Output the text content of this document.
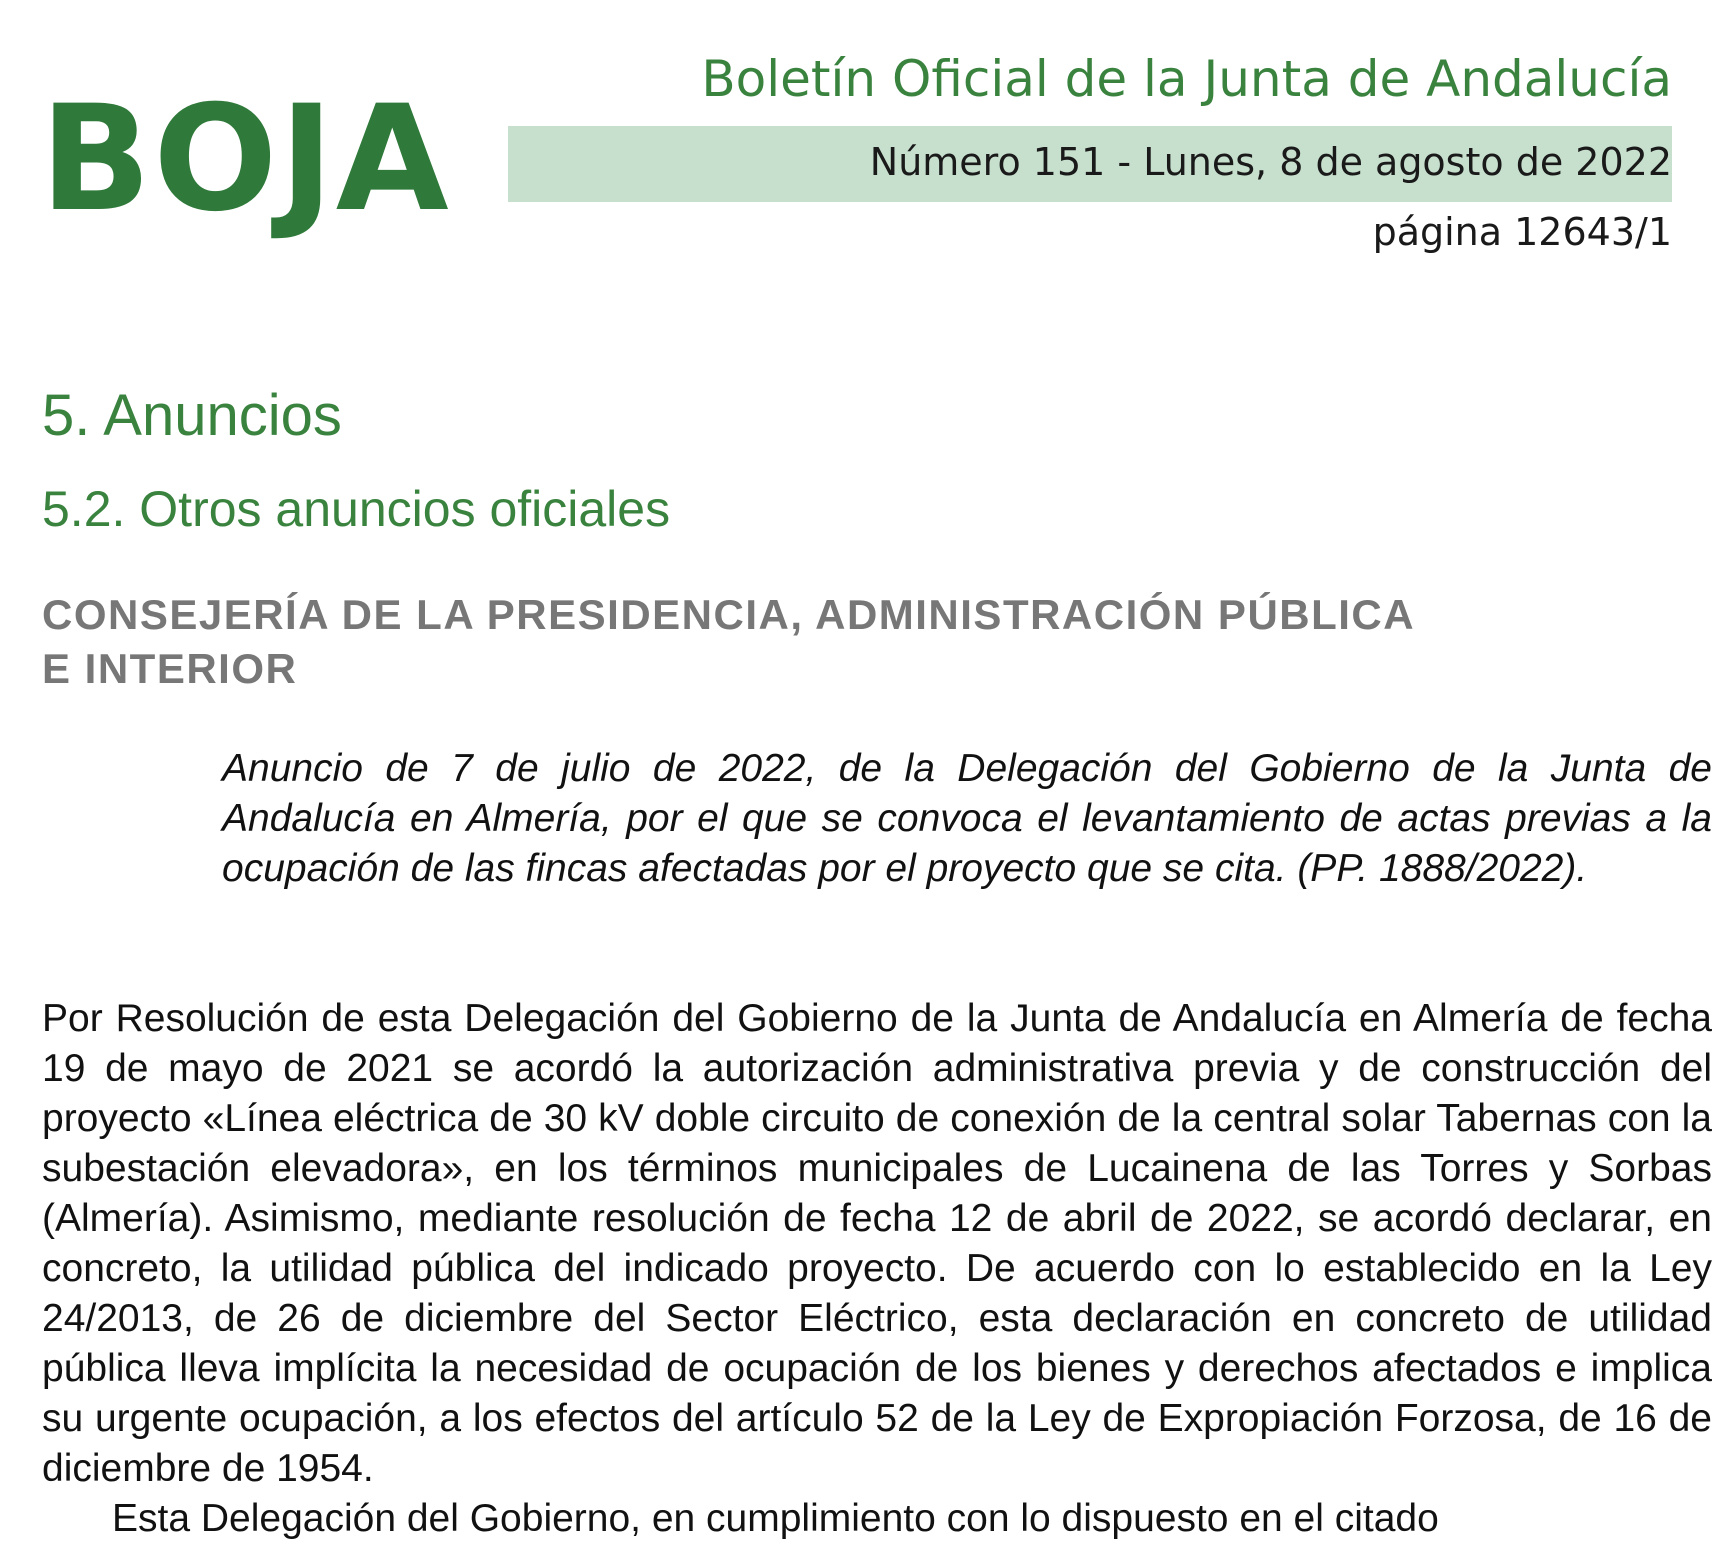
BOJA	Boletín Oficial de la Junta de Andalucía
Número 151 - Lunes, 8 de agosto de 2022
página 12643/1
5. Anuncios
5.2. Otros anuncios oficiales
CONSEJERÍA DE LA PRESIDENCIA, ADMINISTRACIÓN PÚBLICA
E INTERIOR
Anuncio de 7 de julio de 2022, de la Delegación del Gobierno de la Junta de Andalucía en Almería, por el que se convoca el levantamiento de actas previas a la ocupación de las fincas afectadas por el proyecto que se cita. (PP. 1888/2022).

Por Resolución de esta Delegación del Gobierno de la Junta de Andalucía en Almería de fecha 19 de mayo de 2021 se acordó la autorización administrativa previa y de construcción del proyecto «Línea eléctrica de 30 kV doble circuito de conexión de la central solar Tabernas con la subestación elevadora», en los términos municipales de Lucainena de las Torres y Sorbas (Almería). Asimismo, mediante resolución de fecha 12 de abril de 2022, se acordó declarar, en concreto, la utilidad pública del indicado proyecto. De acuerdo con lo establecido en la Ley 24/2013, de 26 de diciembre del Sector Eléctrico, esta declaración en concreto de utilidad pública lleva implícita la necesidad de ocupación de los bienes y derechos afectados e implica su urgente ocupación, a los efectos del artículo 52 de la Ley de Expropiación Forzosa, de 16 de diciembre de 1954.

Esta Delegación del Gobierno, en cumplimiento con lo dispuesto en el citado
